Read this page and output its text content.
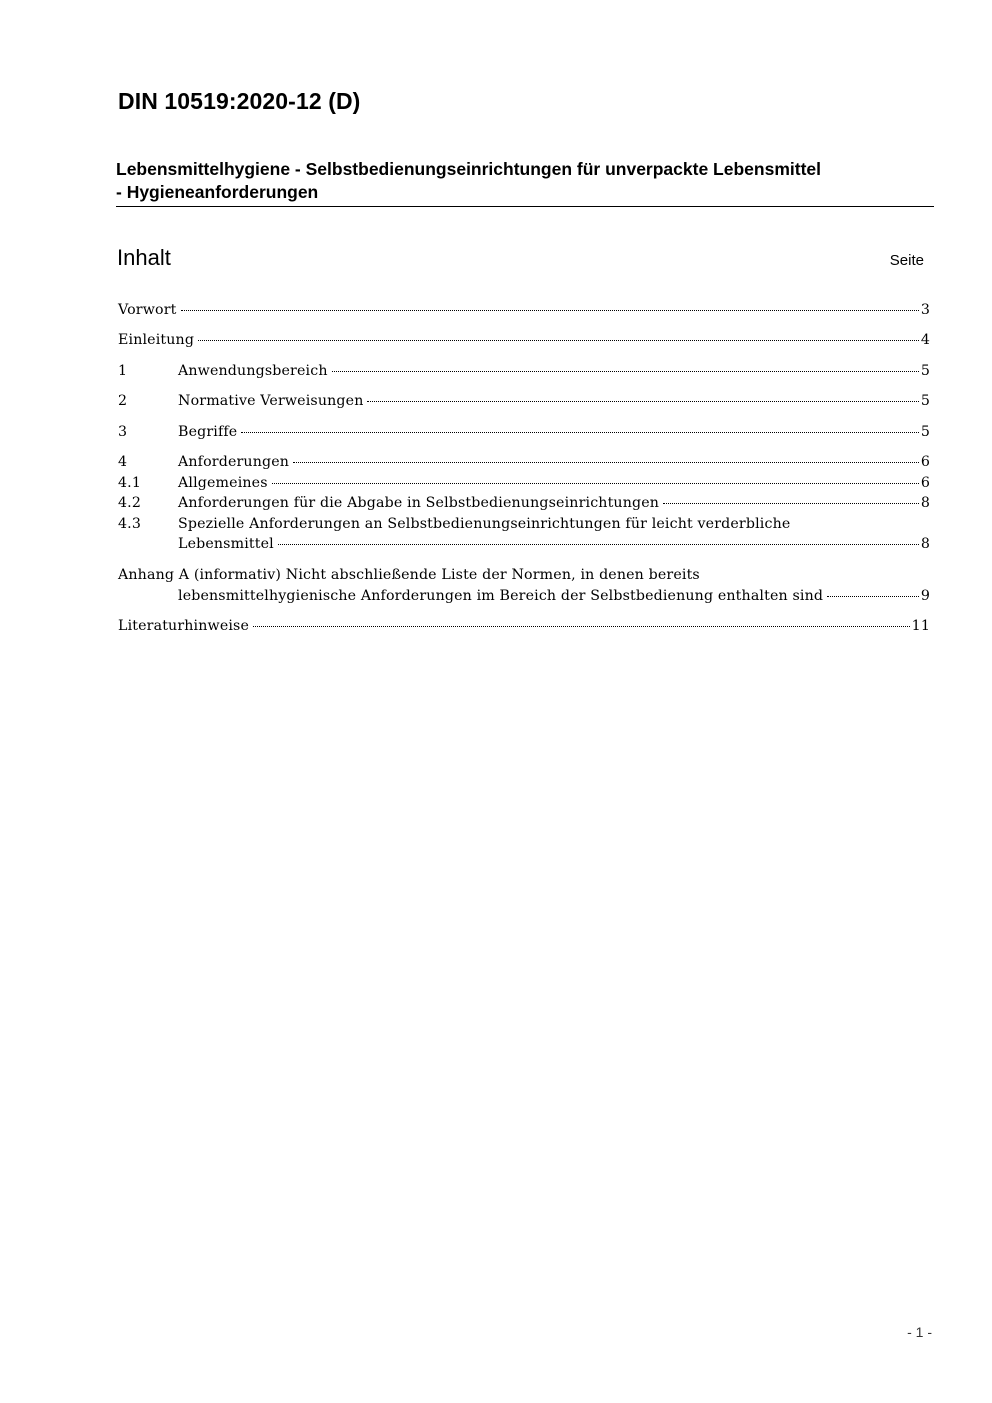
DIN 10519:2020-12 (D)
Lebensmittelhygiene - Selbstbedienungseinrichtungen für unverpackte Lebensmittel
- Hygieneanforderungen
Inhalt	Seite
Vorwort	3
Einleitung	4
1	Anwendungsbereich	5
2	Normative Verweisungen	5
3	Begriffe	5
4	Anforderungen	6
4.1	Allgemeines	6
4.2	Anforderungen für die Abgabe in Selbstbedienungseinrichtungen	8
4.3	Spezielle Anforderungen an Selbstbedienungseinrichtungen für leicht verderbliche
Lebensmittel	8
Anhang A (informativ) Nicht abschließende Liste der Normen, in denen bereits
lebensmittelhygienische Anforderungen im Bereich der Selbstbedienung enthalten sind	9
Literaturhinweise	11
- 1 -
